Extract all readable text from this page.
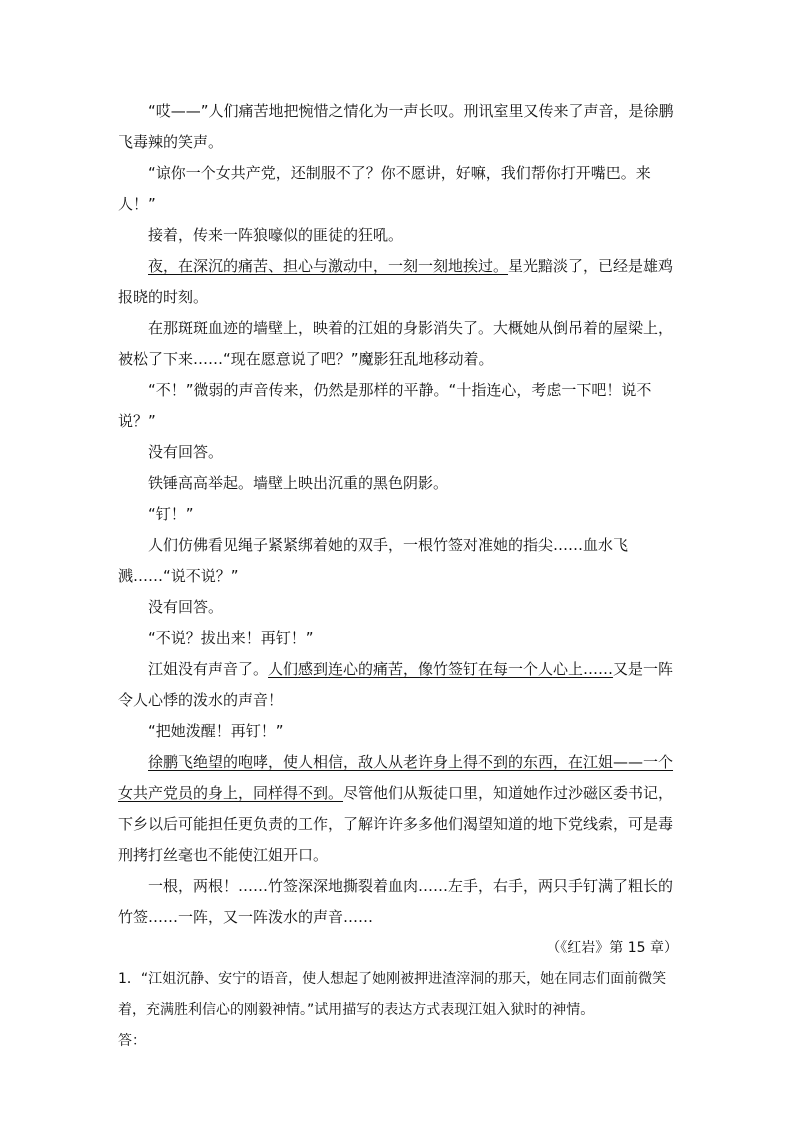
“哎——”人们痛苦地把惋惜之情化为一声长叹。刑讯室里又传来了声音，是徐鹏飞毒辣的笑声。

“谅你一个女共产党，还制服不了？你不愿讲，好嘛，我们帮你打开嘴巴。来人！”

接着，传来一阵狼嚎似的匪徒的狂吼。

夜，在深沉的痛苦、担心与激动中，一刻一刻地挨过。星光黯淡了，已经是雄鸡报晓的时刻。

在那斑斑血迹的墙壁上，映着的江姐的身影消失了。大概她从倒吊着的屋梁上，被松了下来……“现在愿意说了吧？”魔影狂乱地移动着。

“不！”微弱的声音传来，仍然是那样的平静。“十指连心，考虑一下吧！说不说？”

没有回答。

铁锤高高举起。墙壁上映出沉重的黑色阴影。

“钉！”

人们仿佛看见绳子紧紧绑着她的双手，一根竹签对准她的指尖……血水飞溅……“说不说？”

没有回答。

“不说？拔出来！再钉！”

江姐没有声音了。人们感到连心的痛苦，像竹签钉在每一个人心上……又是一阵令人心悸的泼水的声音！

“把她泼醒！再钉！”

徐鹏飞绝望的咆哮，使人相信，敌人从老许身上得不到的东西，在江姐——一个女共产党员的身上，同样得不到。尽管他们从叛徒口里，知道她作过沙磁区委书记，下乡以后可能担任更负责的工作，了解许许多多他们渴望知道的地下党线索，可是毒刑拷打丝毫也不能使江姐开口。

一根，两根！……竹签深深地撕裂着血肉……左手，右手，两只手钉满了粗长的竹签……一阵，又一阵泼水的声音……

（《红岩》第 15 章）
1．“江姐沉静、安宁的语音，使人想起了她刚被押进渣滓洞的那天，她在同志们面前微笑着，充满胜利信心的刚毅神情。”试用描写的表达方式表现江姐入狱时的神情。
答：
